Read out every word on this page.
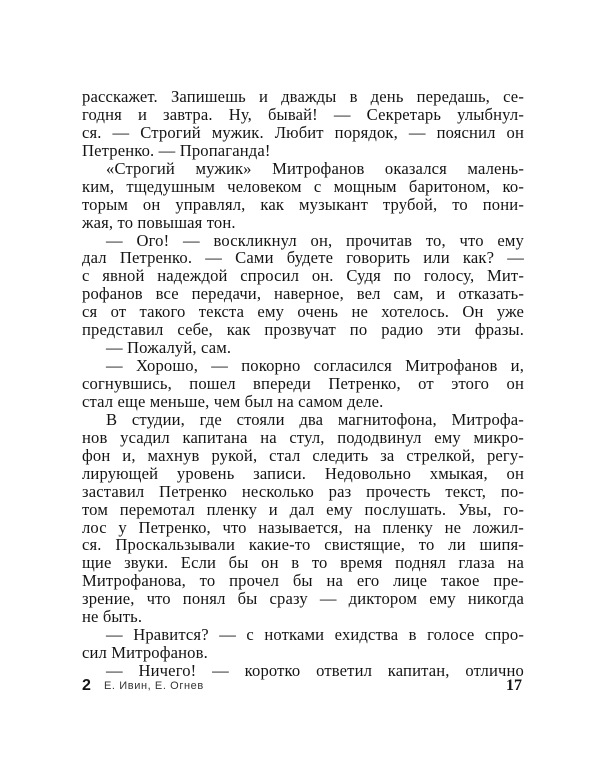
расскажет. Запишешь и дважды в день передашь, се-
годня и завтра. Ну, бывай! — Секретарь улыбнул-
ся. — Строгий мужик. Любит порядок, — пояснил он
Петренко. — Пропаганда!
«Строгий мужик» Митрофанов оказался малень-
ким, тщедушным человеком с мощным баритоном, ко-
торым он управлял, как музыкант трубой, то пони-
жая, то повышая тон.
— Ого! — воскликнул он, прочитав то, что ему
дал Петренко. — Сами будете говорить или как? —
с явной надеждой спросил он. Судя по голосу, Мит-
рофанов все передачи, наверное, вел сам, и отказать-
ся от такого текста ему очень не хотелось. Он уже
представил себе, как прозвучат по радио эти фразы.
— Пожалуй, сам.
— Хорошо, — покорно согласился Митрофанов и,
согнувшись, пошел впереди Петренко, от этого он
стал еще меньше, чем был на самом деле.
В студии, где стояли два магнитофона, Митрофа-
нов усадил капитана на стул, пододвинул ему микро-
фон и, махнув рукой, стал следить за стрелкой, регу-
лирующей уровень записи. Недовольно хмыкая, он
заставил Петренко несколько раз прочесть текст, по-
том перемотал пленку и дал ему послушать. Увы, го-
лос у Петренко, что называется, на пленку не ложил-
ся. Проскальзывали какие-то свистящие, то ли шипя-
щие звуки. Если бы он в то время поднял глаза на
Митрофанова, то прочел бы на его лице такое пре-
зрение, что понял бы сразу — диктором ему никогда
не быть.
— Нравится? — с нотками ехидства в голосе спро-
сил Митрофанов.
— Ничего! — коротко ответил капитан, отлично
2 Е. Ивин, Е. Огнев	17
